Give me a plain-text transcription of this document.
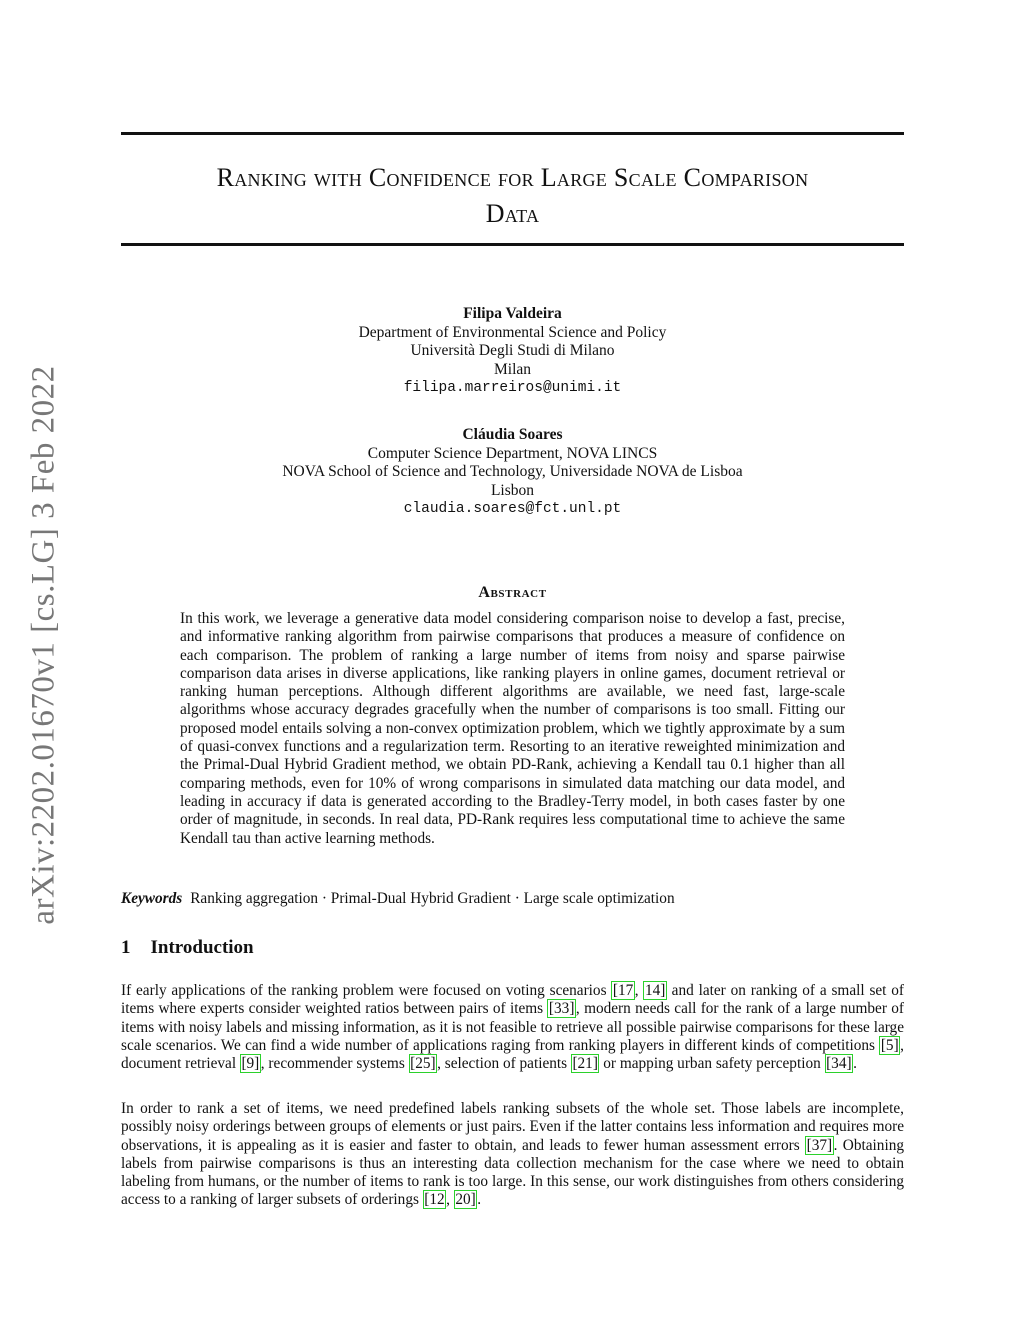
arXiv:2202.01670v1 [cs.LG] 3 Feb 2022
Ranking with Confidence for Large Scale Comparison
Data
Filipa Valdeira
Department of Environmental Science and Policy
Università Degli Studi di Milano
Milan
filipa.marreiros@unimi.it
Cláudia Soares
Computer Science Department, NOVA LINCS
NOVA School of Science and Technology, Universidade NOVA de Lisboa
Lisbon
claudia.soares@fct.unl.pt
Abstract
In this work, we leverage a generative data model considering comparison noise to develop a fast, precise, and informative ranking algorithm from pairwise comparisons that produces a measure of confidence on each comparison. The problem of ranking a large number of items from noisy and sparse pairwise comparison data arises in diverse applications, like ranking players in online games, document retrieval or ranking human perceptions. Although different algorithms are available, we need fast, large-scale algorithms whose accuracy degrades gracefully when the number of comparisons is too small. Fitting our proposed model entails solving a non-convex optimization problem, which we tightly approximate by a sum of quasi-convex functions and a regularization term. Resorting to an iterative reweighted minimization and the Primal-Dual Hybrid Gradient method, we obtain PD-Rank, achieving a Kendall tau 0.1 higher than all comparing methods, even for 10% of wrong comparisons in simulated data matching our data model, and leading in accuracy if data is generated according to the Bradley-Terry model, in both cases faster by one order of magnitude, in seconds. In real data, PD-Rank requires less computational time to achieve the same Kendall tau than active learning methods.
Keywords Ranking aggregation · Primal-Dual Hybrid Gradient · Large scale optimization
1 Introduction
If early applications of the ranking problem were focused on voting scenarios [17, 14] and later on ranking of a small set of items where experts consider weighted ratios between pairs of items [33], modern needs call for the rank of a large number of items with noisy labels and missing information, as it is not feasible to retrieve all possible pairwise comparisons for these large scale scenarios. We can find a wide number of applications raging from ranking players in different kinds of competitions [5], document retrieval [9], recommender systems [25], selection of patients [21] or mapping urban safety perception [34].
In order to rank a set of items, we need predefined labels ranking subsets of the whole set. Those labels are incomplete, possibly noisy orderings between groups of elements or just pairs. Even if the latter contains less information and requires more observations, it is appealing as it is easier and faster to obtain, and leads to fewer human assessment errors [37]. Obtaining labels from pairwise comparisons is thus an interesting data collection mechanism for the case where we need to obtain labeling from humans, or the number of items to rank is too large. In this sense, our work distinguishes from others considering access to a ranking of larger subsets of orderings [12, 20].
